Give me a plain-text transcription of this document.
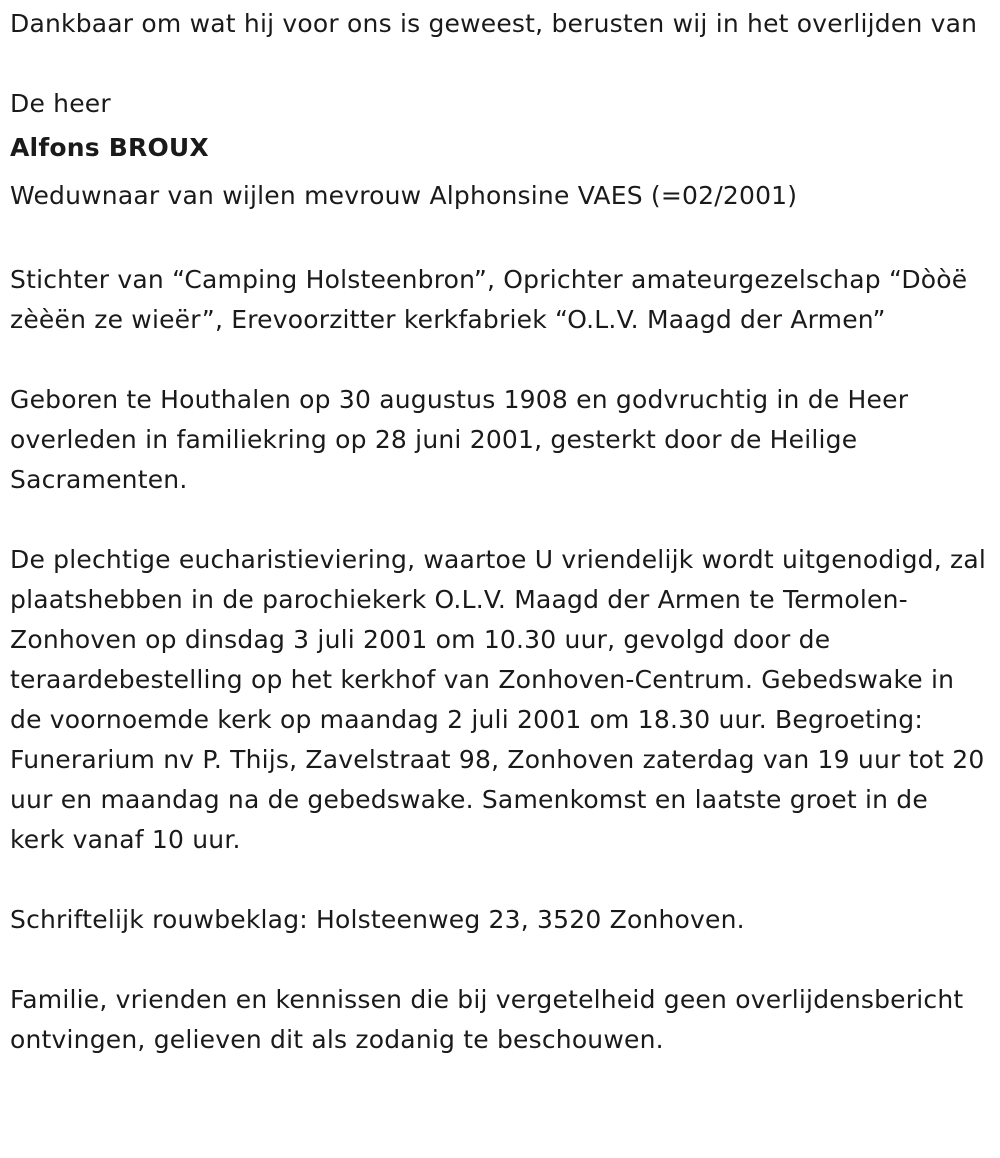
Dankbaar om wat hij voor ons is geweest, berusten wij in het overlijden van

De heer

Alfons BROUX

Weduwnaar van wijlen mevrouw Alphonsine VAES (=02/2001)

Stichter van “Camping Holsteenbron”, Oprichter amateurgezelschap “Dòòë zèèën ze wieër”, Erevoorzitter kerkfabriek “O.L.V. Maagd der Armen”

Geboren te Houthalen op 30 augustus 1908 en godvruchtig in de Heer overleden in familiekring op 28 juni 2001, gesterkt door de Heilige Sacramenten.

De plechtige eucharistieviering, waartoe U vriendelijk wordt uitgenodigd, zal plaatshebben in de parochiekerk O.L.V. Maagd der Armen te Termolen-Zonhoven op dinsdag 3 juli 2001 om 10.30 uur, gevolgd door de teraardebestelling op het kerkhof van Zonhoven-Centrum. Gebedswake in de voornoemde kerk op maandag 2 juli 2001 om 18.30 uur. Begroeting: Funerarium nv P. Thijs, Zavelstraat 98, Zonhoven zaterdag van 19 uur tot 20 uur en maandag na de gebedswake. Samenkomst en laatste groet in de kerk vanaf 10 uur.

Schriftelijk rouwbeklag: Holsteenweg 23, 3520 Zonhoven.

Familie, vrienden en kennissen die bij vergetelheid geen overlijdensbericht ontvingen, gelieven dit als zodanig te beschouwen.
